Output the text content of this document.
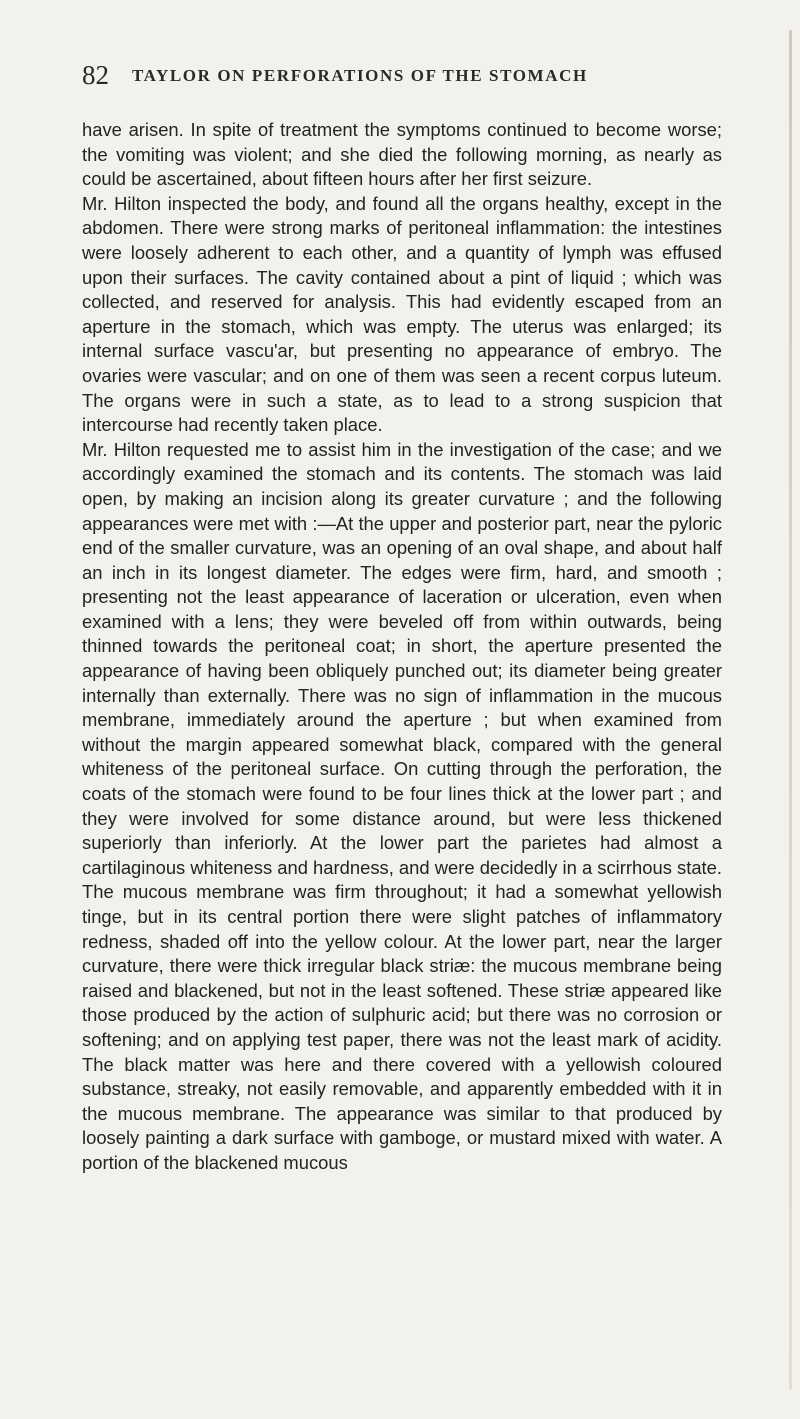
82 TAYLOR ON PERFORATIONS OF THE STOMACH

have arisen. In spite of treatment the symptoms continued to become worse; the vomiting was violent; and she died the following morning, as nearly as could be ascertained, about fifteen hours after her first seizure.

Mr. Hilton inspected the body, and found all the organs healthy, except in the abdomen. There were strong marks of peritoneal inflammation: the intestines were loosely adherent to each other, and a quantity of lymph was effused upon their surfaces. The cavity contained about a pint of liquid ; which was collected, and reserved for analysis. This had evidently escaped from an aperture in the stomach, which was empty. The uterus was enlarged; its internal surface vascu'ar, but presenting no appearance of embryo. The ovaries were vascular; and on one of them was seen a recent corpus luteum. The organs were in such a state, as to lead to a strong suspicion that intercourse had recently taken place.

Mr. Hilton requested me to assist him in the investigation of the case; and we accordingly examined the stomach and its contents. The stomach was laid open, by making an incision along its greater curvature ; and the following appearances were met with :—At the upper and posterior part, near the pyloric end of the smaller curvature, was an opening of an oval shape, and about half an inch in its longest diameter. The edges were firm, hard, and smooth ; presenting not the least appearance of laceration or ulceration, even when examined with a lens; they were beveled off from within outwards, being thinned towards the peritoneal coat; in short, the aperture presented the appearance of having been obliquely punched out; its diameter being greater internally than externally. There was no sign of inflammation in the mucous membrane, immediately around the aperture ; but when examined from without the margin appeared somewhat black, compared with the general whiteness of the peritoneal surface. On cutting through the perforation, the coats of the stomach were found to be four lines thick at the lower part ; and they were involved for some distance around, but were less thickened superiorly than inferiorly. At the lower part the parietes had almost a cartilaginous whiteness and hardness, and were decidedly in a scirrhous state. The mucous membrane was firm throughout; it had a somewhat yellowish tinge, but in its central portion there were slight patches of inflammatory redness, shaded off into the yellow colour. At the lower part, near the larger curvature, there were thick irregular black striæ: the mucous membrane being raised and blackened, but not in the least softened. These striæ appeared like those produced by the action of sulphuric acid; but there was no corrosion or softening; and on applying test paper, there was not the least mark of acidity. The black matter was here and there covered with a yellowish coloured substance, streaky, not easily removable, and apparently embedded with it in the mucous membrane. The appearance was similar to that produced by loosely painting a dark surface with gamboge, or mustard mixed with water. A portion of the blackened mucous
